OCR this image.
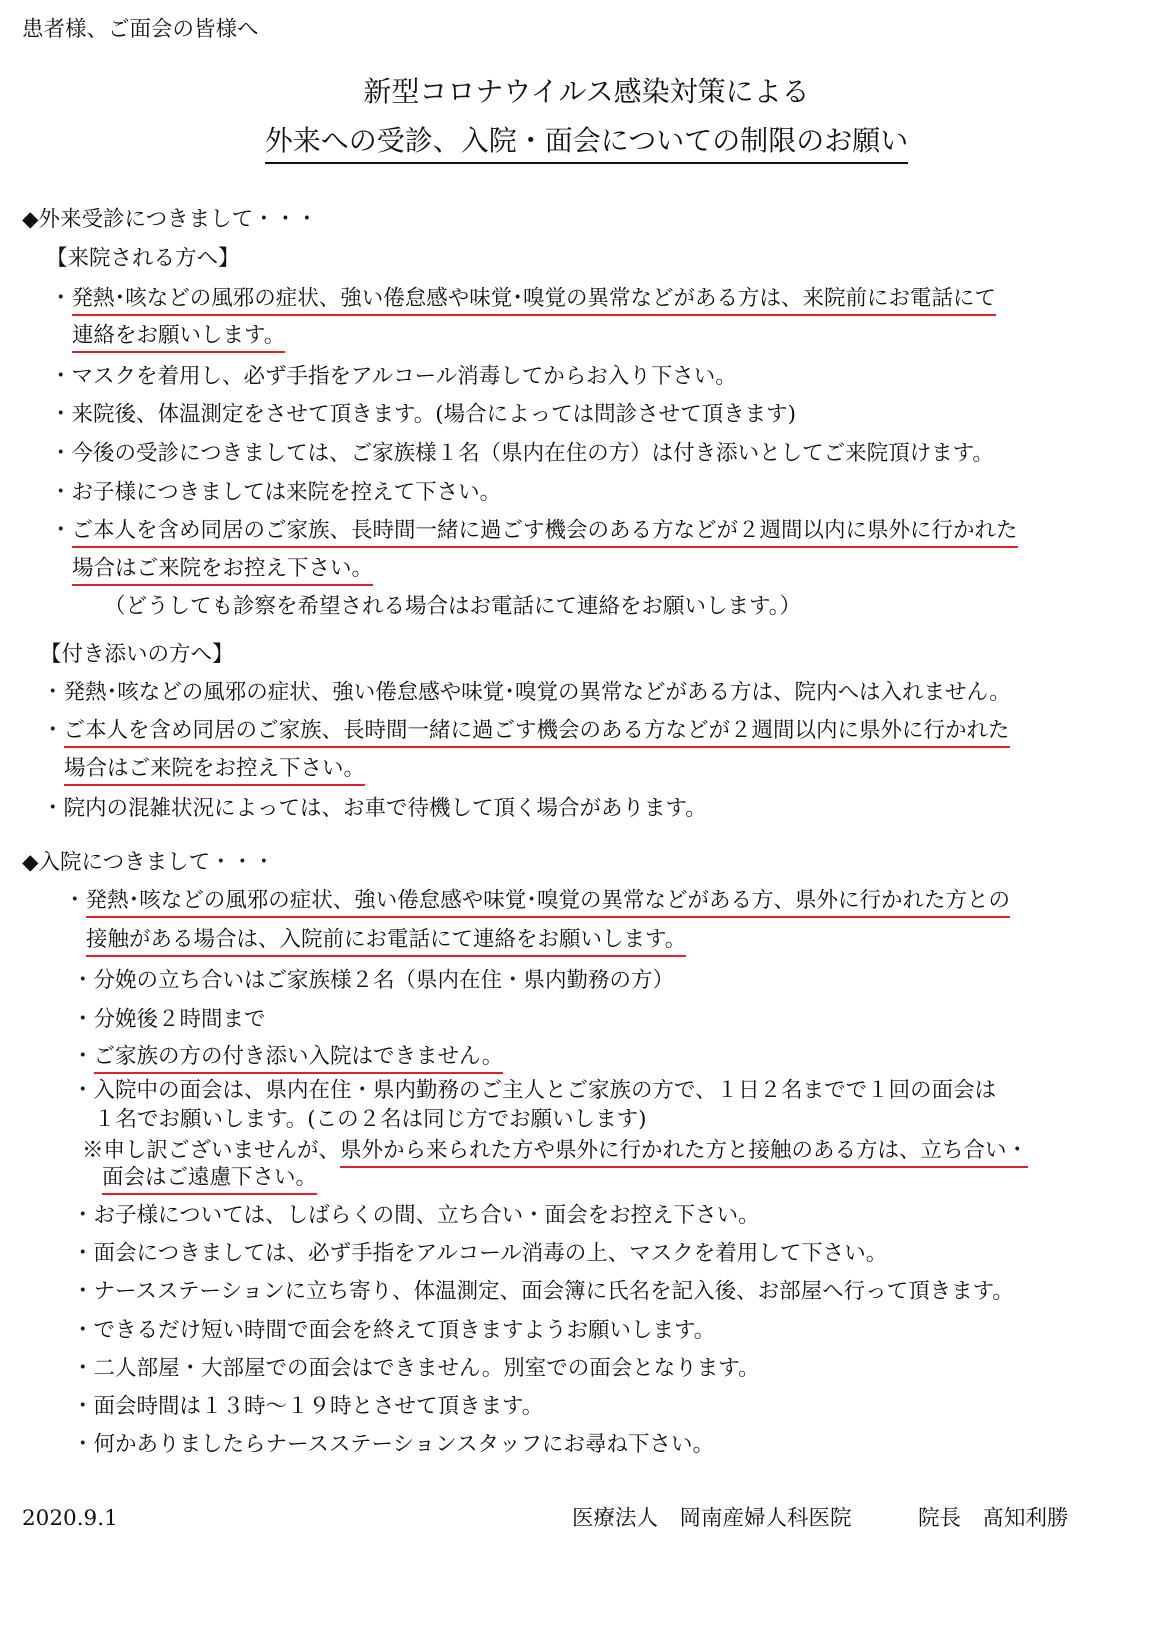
患者様、ご面会の皆様へ
新型コロナウイルス感染対策による
外来への受診、入院・面会についての制限のお願い
◆外来受診につきまして・・・
【来院される方へ】
・発熱･咳などの風邪の症状、強い倦怠感や味覚･嗅覚の異常などがある方は、来院前にお電話にて
連絡をお願いします。
・マスクを着用し、必ず手指をアルコール消毒してからお入り下さい。
・来院後、体温測定をさせて頂きます。(場合によっては問診させて頂きます)
・今後の受診につきましては、ご家族様１名（県内在住の方）は付き添いとしてご来院頂けます。
・お子様につきましては来院を控えて下さい。
・ご本人を含め同居のご家族、長時間一緒に過ごす機会のある方などが２週間以内に県外に行かれた
場合はご来院をお控え下さい。
（どうしても診察を希望される場合はお電話にて連絡をお願いします。）
【付き添いの方へ】
・発熱･咳などの風邪の症状、強い倦怠感や味覚･嗅覚の異常などがある方は、院内へは入れません。
・ご本人を含め同居のご家族、長時間一緒に過ごす機会のある方などが２週間以内に県外に行かれた
場合はご来院をお控え下さい。
・院内の混雑状況によっては、お車で待機して頂く場合があります。
◆入院につきまして・・・
・発熱･咳などの風邪の症状、強い倦怠感や味覚･嗅覚の異常などがある方、県外に行かれた方との
接触がある場合は、入院前にお電話にて連絡をお願いします。
・分娩の立ち合いはご家族様２名（県内在住・県内勤務の方）
・分娩後２時間まで
・ご家族の方の付き添い入院はできません。
・入院中の面会は、県内在住・県内勤務のご主人とご家族の方で、１日２名までで１回の面会は
１名でお願いします。(この２名は同じ方でお願いします)
※申し訳ございませんが、県外から来られた方や県外に行かれた方と接触のある方は、立ち合い・
面会はご遠慮下さい。
・お子様については、しばらくの間、立ち合い・面会をお控え下さい。
・面会につきましては、必ず手指をアルコール消毒の上、マスクを着用して下さい。
・ナースステーションに立ち寄り、体温測定、面会簿に氏名を記入後、お部屋へ行って頂きます。
・できるだけ短い時間で面会を終えて頂きますようお願いします。
・二人部屋・大部屋での面会はできません。別室での面会となります。
・面会時間は１３時～１９時とさせて頂きます。
・何かありましたらナースステーションスタッフにお尋ね下さい。
2020.9.1	医療法人　岡南産婦人科医院	院長　髙知利勝
